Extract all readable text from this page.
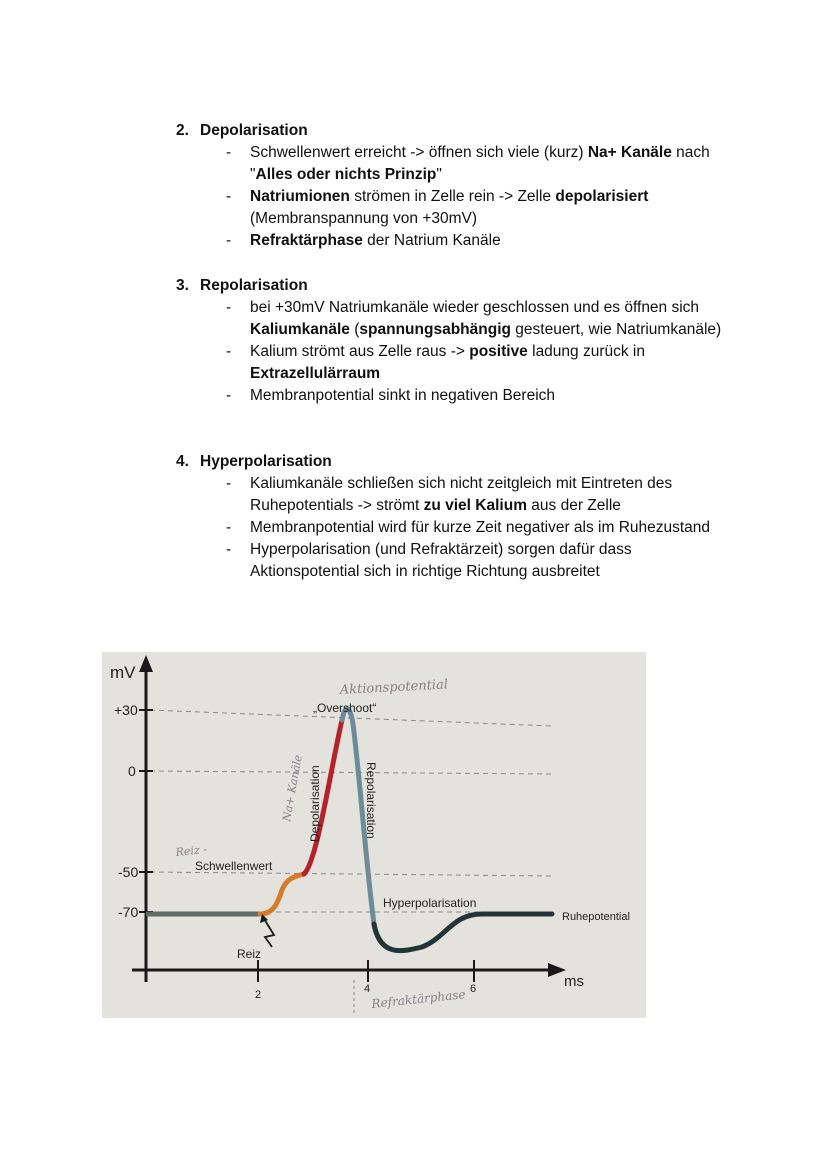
2. Depolarisation
- Schwellenwert erreicht -> öffnen sich viele (kurz) Na+ Kanäle nach "Alles oder nichts Prinzip"
- Natriumionen strömen in Zelle rein -> Zelle depolarisiert (Membranspannung von +30mV)
- Refraktärphase der Natrium Kanäle
3. Repolarisation
- bei +30mV Natriumkanäle wieder geschlossen und es öffnen sich Kaliumkanäle (spannungsabhängig gesteuert, wie Natriumkanäle)
- Kalium strömt aus Zelle raus -> positive ladung zurück in Extrazellulärraum
- Membranpotential sinkt in negativen Bereich
4. Hyperpolarisation
- Kaliumkanäle schließen sich nicht zeitgleich mit Eintreten des Ruhepotentials -> strömt zu viel Kalium aus der Zelle
- Membranpotential wird für kurze Zeit negativer als im Ruhezustand
- Hyperpolarisation (und Refraktärzeit) sorgen dafür dass Aktionspotential sich in richtige Richtung ausbreitet
mV
ms
+30
0
-50
-70
2	4	6
„Overshoot“
Schwellenwert
Hyperpolarisation
Ruhepotential
Reiz
Depolarisation	Repolarisation
Aktionspotential
Reiz -
Na+ Kanäle
Refraktärphase
